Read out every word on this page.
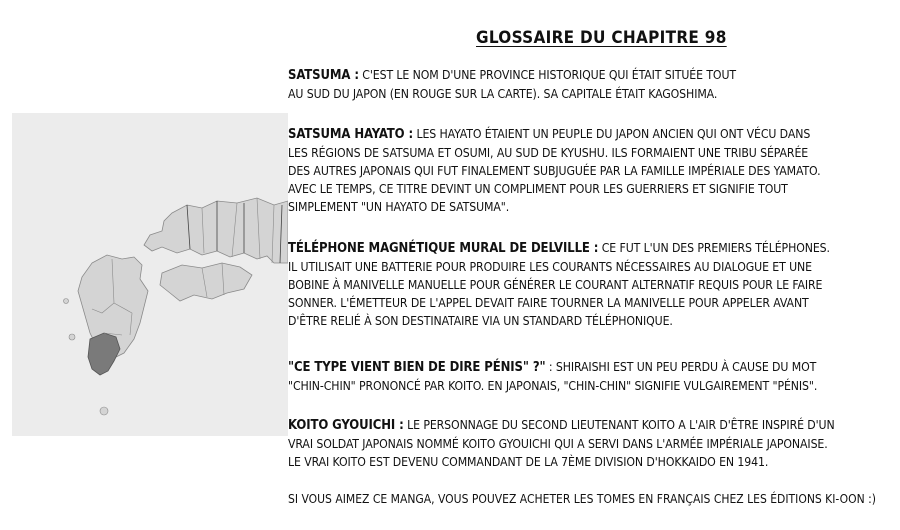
GLOSSAIRE DU CHAPITRE 98
SATSUMA : C'EST LE NOM D'UNE PROVINCE HISTORIQUE QUI ÉTAIT SITUÉE TOUT
AU SUD DU JAPON (EN ROUGE SUR LA CARTE). SA CAPITALE ÉTAIT KAGOSHIMA.
SATSUMA HAYATO : LES HAYATO ÉTAIENT UN PEUPLE DU JAPON ANCIEN QUI ONT VÉCU DANS
LES RÉGIONS DE SATSUMA ET OSUMI, AU SUD DE KYUSHU. ILS FORMAIENT UNE TRIBU SÉPARÉE
DES AUTRES JAPONAIS QUI FUT FINALEMENT SUBJUGUÉE PAR LA FAMILLE IMPÉRIALE DES YAMATO.
AVEC LE TEMPS, CE TITRE DEVINT UN COMPLIMENT POUR LES GUERRIERS ET SIGNIFIE TOUT
SIMPLEMENT "UN HAYATO DE SATSUMA".
TÉLÉPHONE MAGNÉTIQUE MURAL DE DELVILLE : CE FUT L'UN DES PREMIERS TÉLÉPHONES.
IL UTILISAIT UNE BATTERIE POUR PRODUIRE LES COURANTS NÉCESSAIRES AU DIALOGUE ET UNE
BOBINE À MANIVELLE MANUELLE POUR GÉNÉRER LE COURANT ALTERNATIF REQUIS POUR LE FAIRE
SONNER. L'ÉMETTEUR DE L'APPEL DEVAIT FAIRE TOURNER LA MANIVELLE POUR APPELER AVANT
D'ÊTRE RELIÉ À SON DESTINATAIRE VIA UN STANDARD TÉLÉPHONIQUE.
"CE TYPE VIENT BIEN DE DIRE PÉNIS" ?" : SHIRAISHI EST UN PEU PERDU À CAUSE DU MOT
"CHIN-CHIN" PRONONCÉ PAR KOITO. EN JAPONAIS, "CHIN-CHIN" SIGNIFIE VULGAIREMENT "PÉNIS".
KOITO GYOUICHI : LE PERSONNAGE DU SECOND LIEUTENANT KOITO A L'AIR D'ÊTRE INSPIRÉ D'UN
VRAI SOLDAT JAPONAIS NOMMÉ KOITO GYOUICHI QUI A SERVI DANS L'ARMÉE IMPÉRIALE JAPONAISE.
LE VRAI KOITO EST DEVENU COMMANDANT DE LA 7ÈME DIVISION D'HOKKAIDO EN 1941.
SI VOUS AIMEZ CE MANGA, VOUS POUVEZ ACHETER LES TOMES EN FRANÇAIS CHEZ LES ÉDITIONS KI-OON :)
